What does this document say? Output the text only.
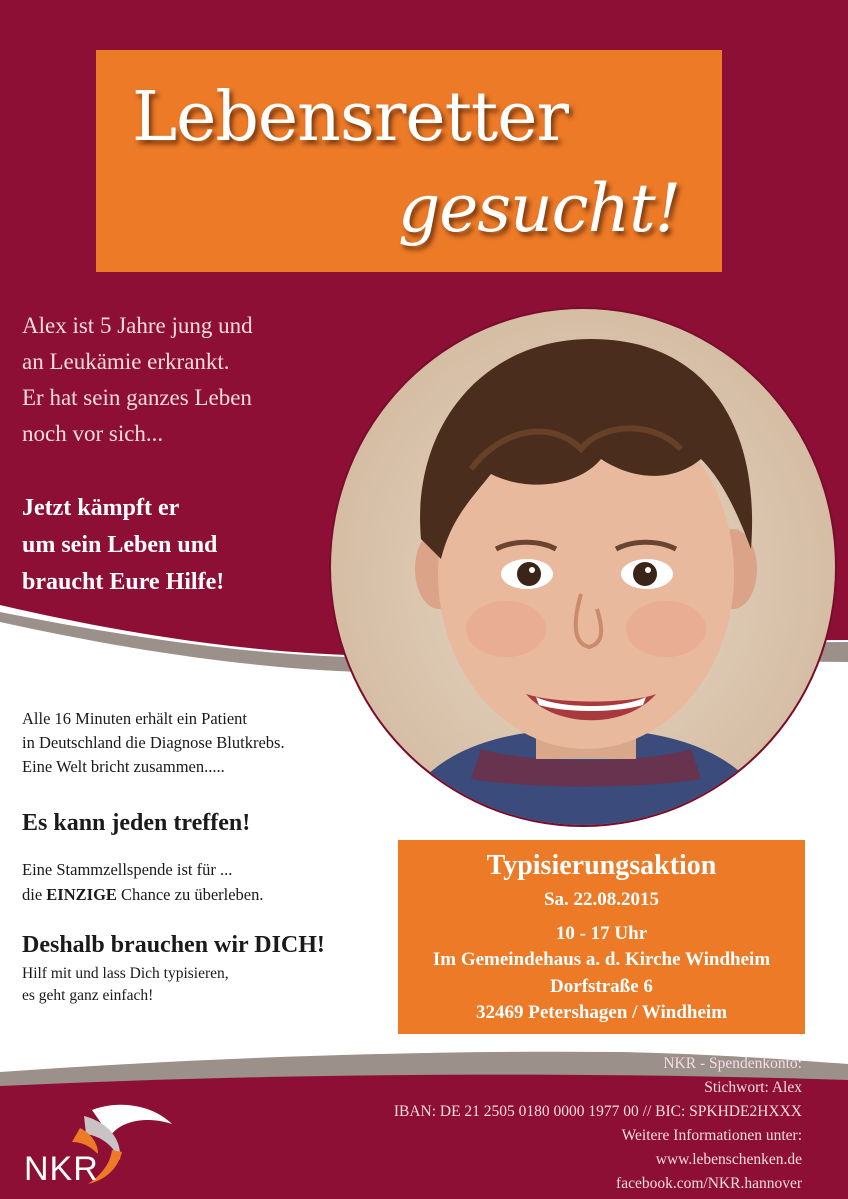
Lebensretter
gesucht!
Alex ist 5 Jahre jung und
an Leukämie erkrankt.
Er hat sein ganzes Leben
noch vor sich...
Jetzt kämpft er
um sein Leben und
braucht Eure Hilfe!
Alle 16 Minuten erhält ein Patient
in Deutschland die Diagnose Blutkrebs.
Eine Welt bricht zusammen.....
Es kann jeden treffen!
Eine Stammzellspende ist für ...
die EINZIGE Chance zu überleben.
Deshalb brauchen wir DICH!
Hilf mit und lass Dich typisieren,
es geht ganz einfach!
Typisierungsaktion
Sa. 22.08.2015
10 - 17 Uhr
Im Gemeindehaus a. d. Kirche Windheim
Dorfstraße 6
32469 Petershagen / Windheim
NKR - Spendenkonto:
Stichwort: Alex
IBAN: DE 21 2505 0180 0000 1977 00 // BIC: SPKHDE2HXXX
Weitere Informationen unter:
www.lebenschenken.de
facebook.com/NKR.hannover
NKR
